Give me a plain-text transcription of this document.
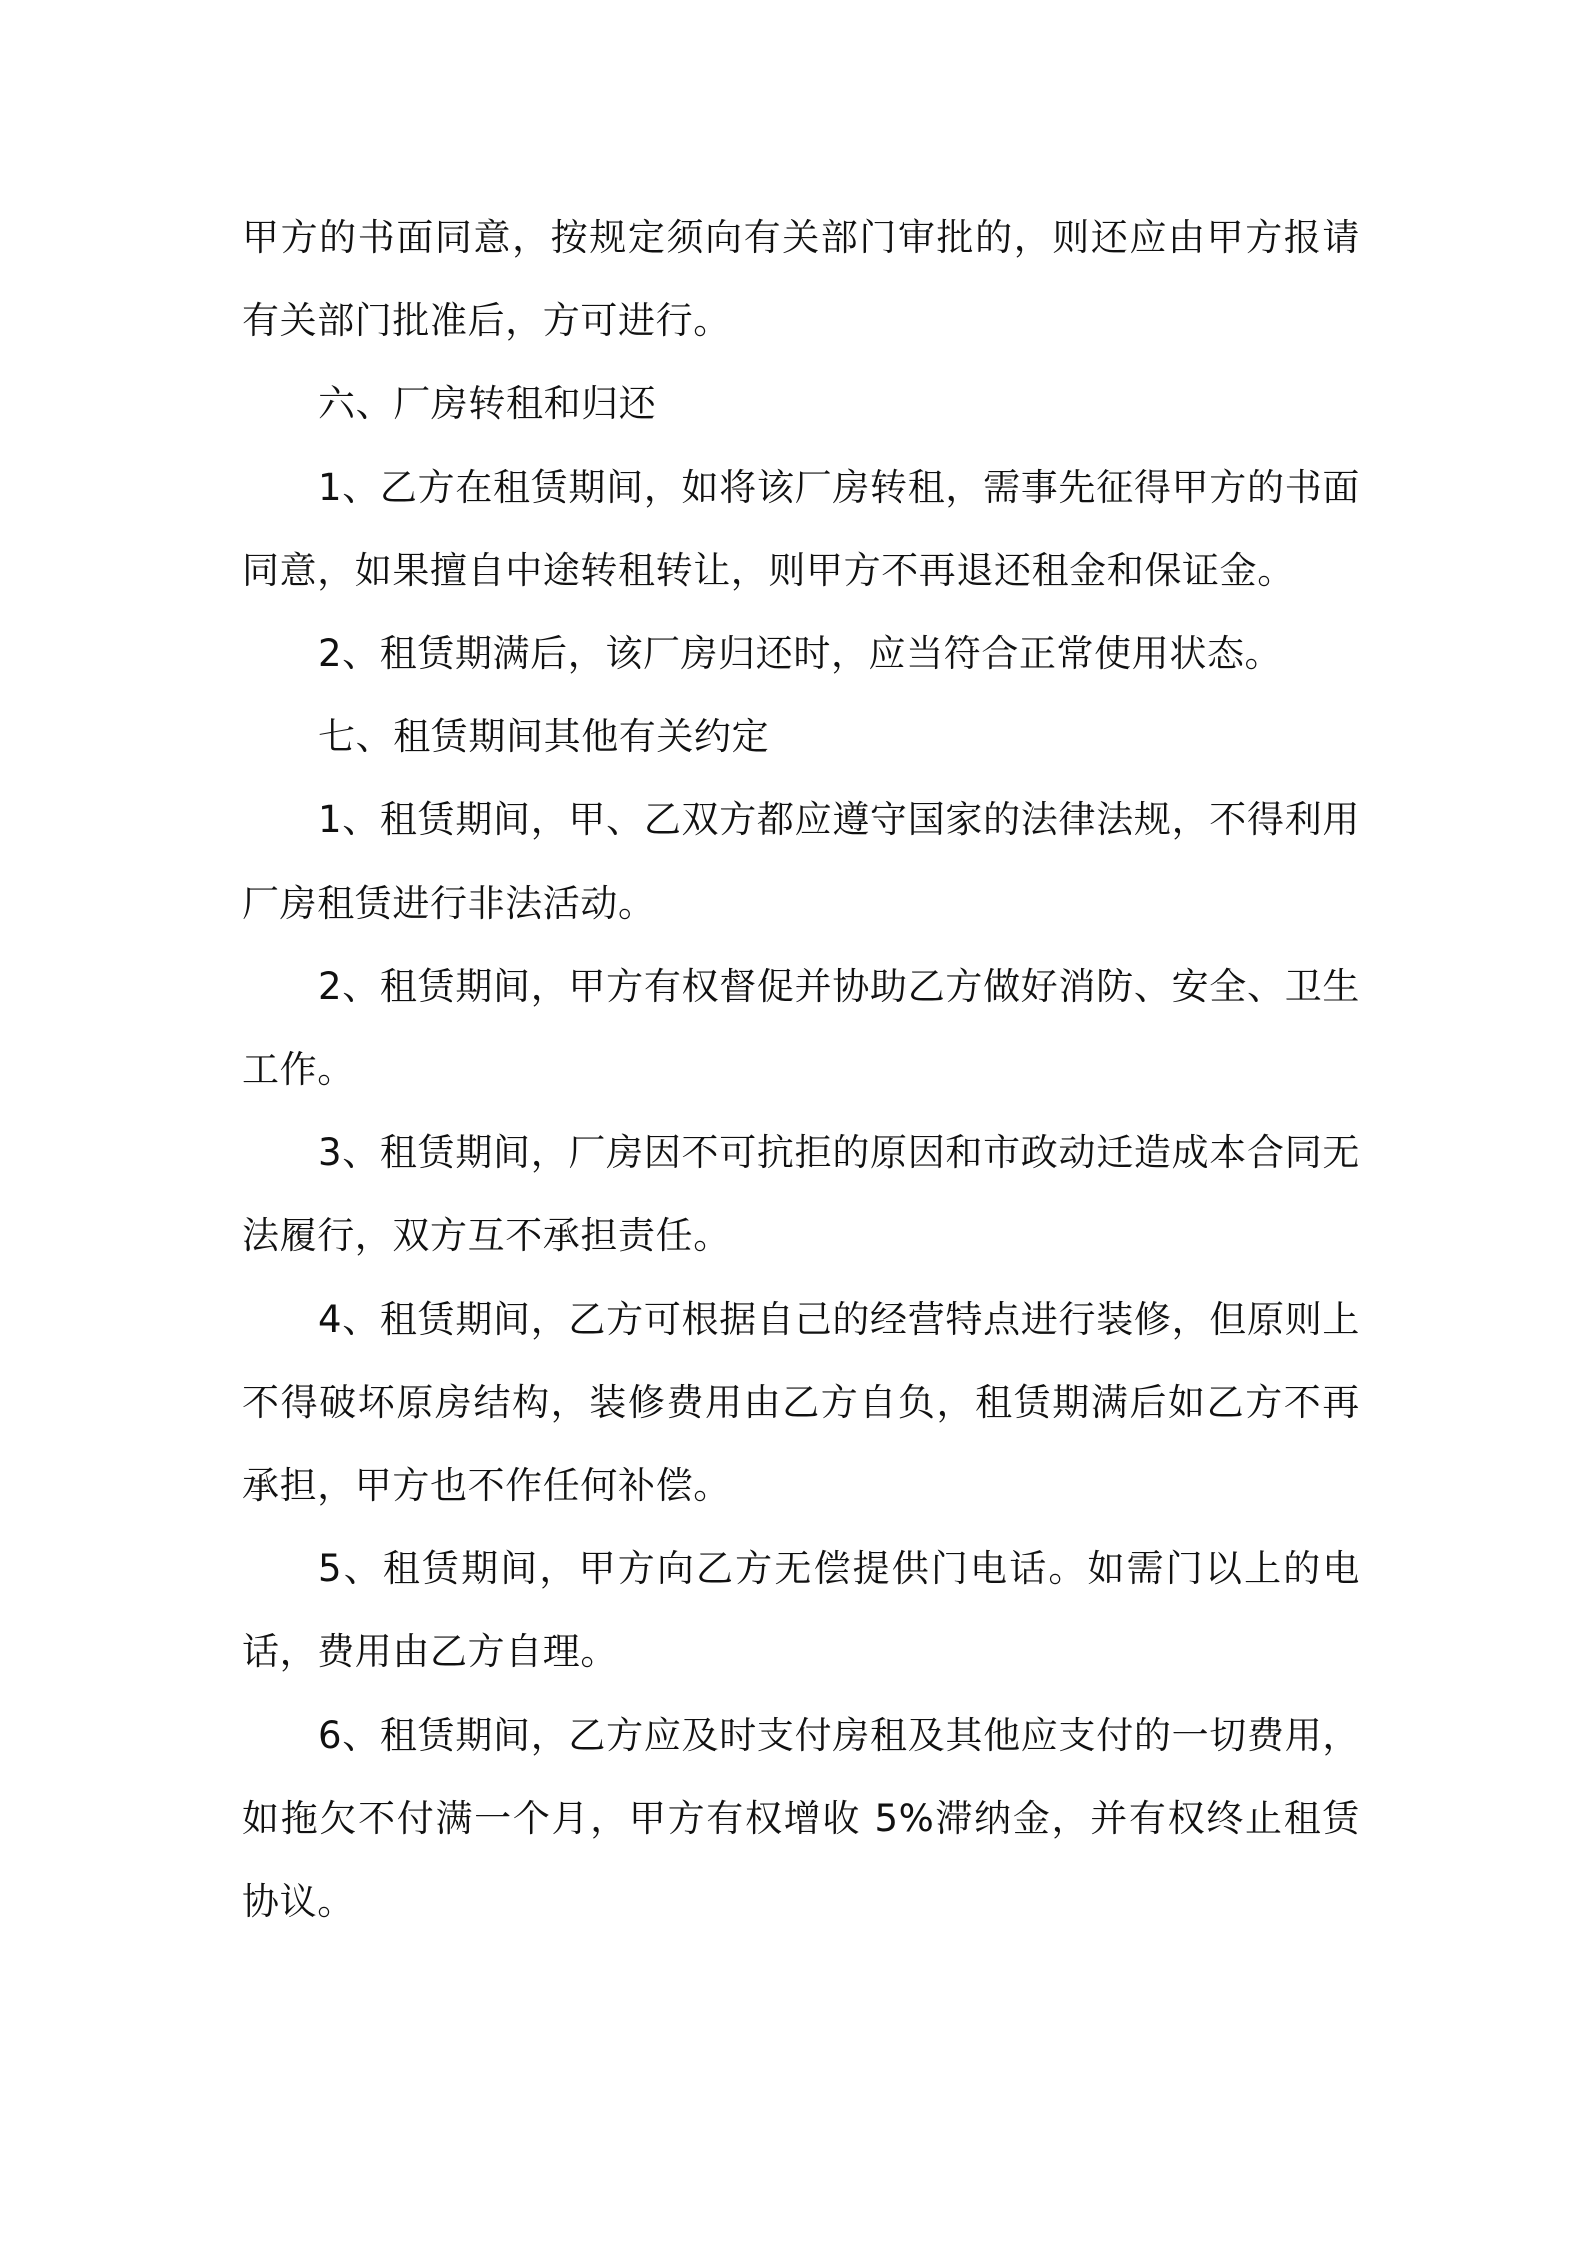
甲方的书面同意，按规定须向有关部门审批的，则还应由甲方报请有关部门批准后，方可进行。

六、厂房转租和归还

1、乙方在租赁期间，如将该厂房转租，需事先征得甲方的书面同意，如果擅自中途转租转让，则甲方不再退还租金和保证金。

2、租赁期满后，该厂房归还时，应当符合正常使用状态。

七、租赁期间其他有关约定

1、租赁期间，甲、乙双方都应遵守国家的法律法规，不得利用厂房租赁进行非法活动。

2、租赁期间，甲方有权督促并协助乙方做好消防、安全、卫生工作。

3、租赁期间，厂房因不可抗拒的原因和市政动迁造成本合同无法履行，双方互不承担责任。

4、租赁期间，乙方可根据自己的经营特点进行装修，但原则上不得破坏原房结构，装修费用由乙方自负，租赁期满后如乙方不再承担，甲方也不作任何补偿。

5、租赁期间，甲方向乙方无偿提供门电话。如需门以上的电话，费用由乙方自理。

6、租赁期间，乙方应及时支付房租及其他应支付的一切费用，如拖欠不付满一个月，甲方有权增收 5%滞纳金，并有权终止租赁协议。
